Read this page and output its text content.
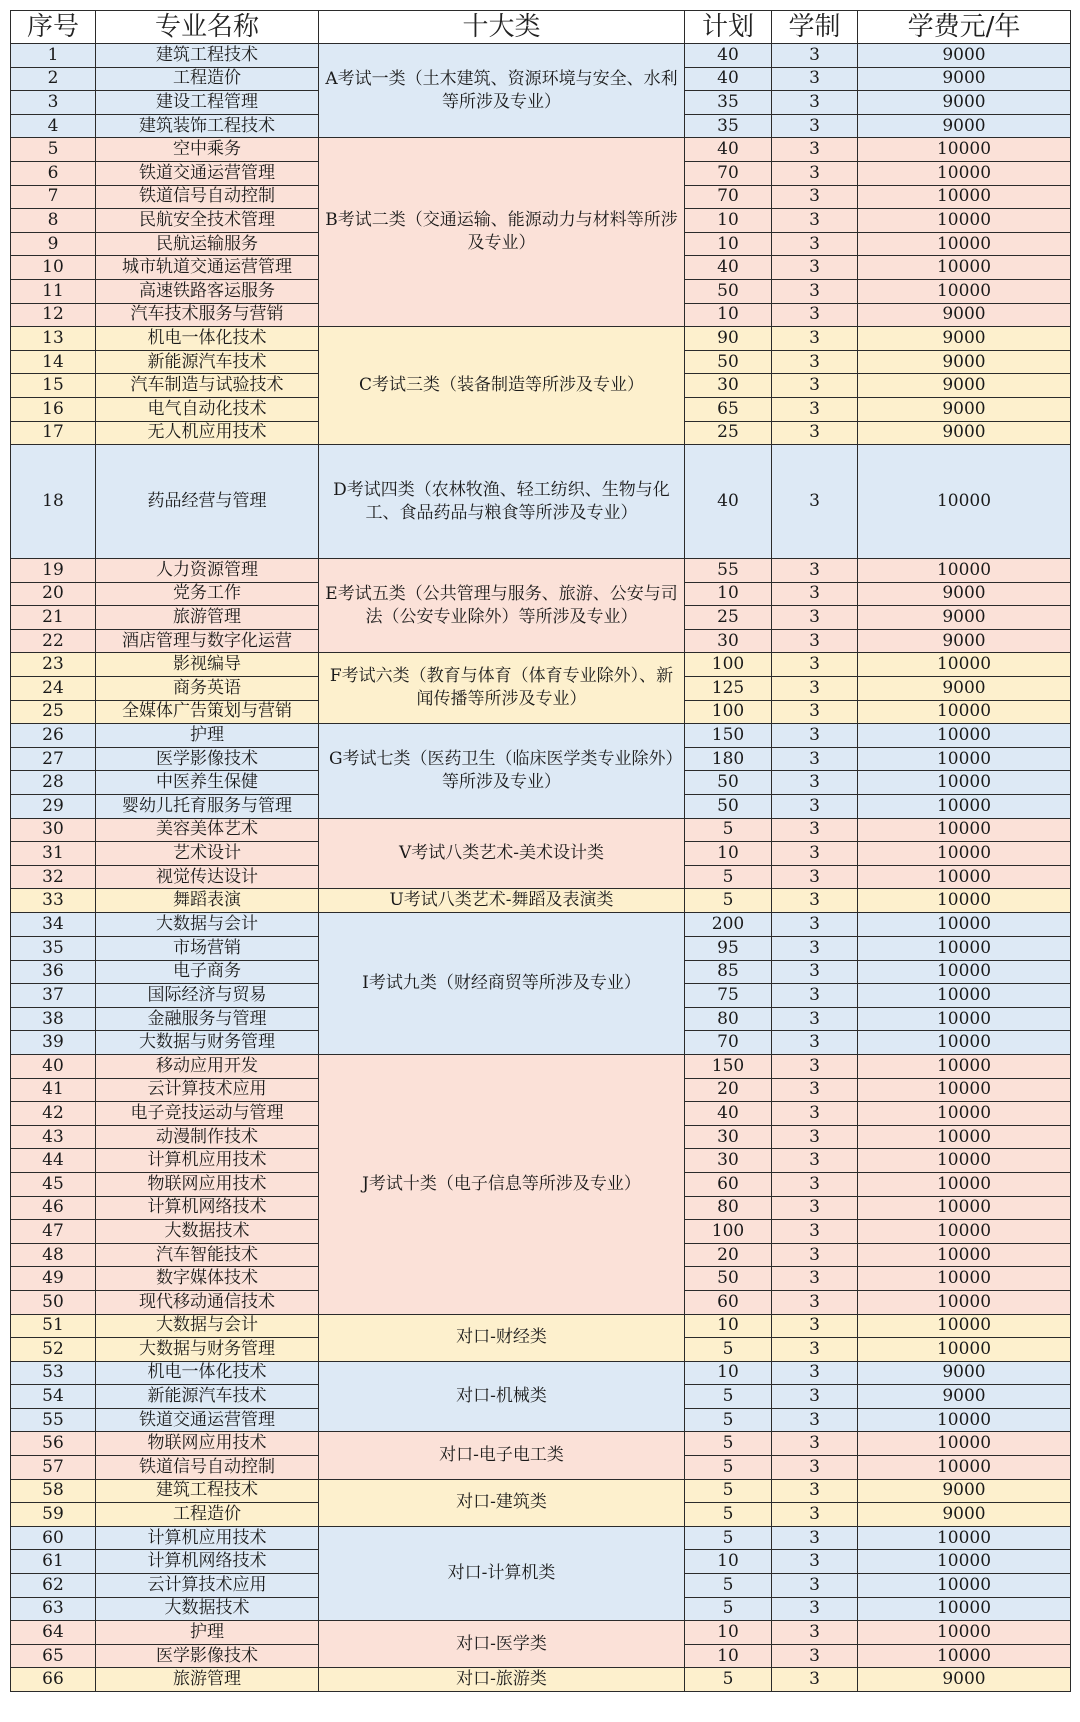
序号	专业名称	十大类	计划	学制	学费元/年
1	建筑工程技术	A考试一类（土木建筑、资源环境与安全、水利等所涉及专业）	40	3	9000
2	工程造价		40	3	9000
3	建设工程管理		35	3	9000
4	建筑装饰工程技术		35	3	9000
5	空中乘务	B考试二类（交通运输、能源动力与材料等所涉及专业）	40	3	10000
6	铁道交通运营管理		70	3	10000
7	铁道信号自动控制		70	3	10000
8	民航安全技术管理		10	3	10000
9	民航运输服务		10	3	10000
10	城市轨道交通运营管理		40	3	10000
11	高速铁路客运服务		50	3	10000
12	汽车技术服务与营销		10	3	9000
13	机电一体化技术	C考试三类（装备制造等所涉及专业）	90	3	9000
14	新能源汽车技术		50	3	9000
15	汽车制造与试验技术		30	3	9000
16	电气自动化技术		65	3	9000
17	无人机应用技术		25	3	9000
18	药品经营与管理	D考试四类（农林牧渔、轻工纺织、生物与化工、食品药品与粮食等所涉及专业）	40	3	10000
19	人力资源管理	E考试五类（公共管理与服务、旅游、公安与司法（公安专业除外）等所涉及专业）	55	3	10000
20	党务工作		10	3	9000
21	旅游管理		25	3	9000
22	酒店管理与数字化运营		30	3	9000
23	影视编导	F考试六类（教育与体育（体育专业除外）、新闻传播等所涉及专业）	100	3	10000
24	商务英语		125	3	9000
25	全媒体广告策划与营销		100	3	10000
26	护理	G考试七类（医药卫生（临床医学类专业除外）等所涉及专业）	150	3	10000
27	医学影像技术		180	3	10000
28	中医养生保健		50	3	10000
29	婴幼儿托育服务与管理		50	3	10000
30	美容美体艺术	V考试八类艺术-美术设计类	5	3	10000
31	艺术设计		10	3	10000
32	视觉传达设计		5	3	10000
33	舞蹈表演	U考试八类艺术-舞蹈及表演类	5	3	10000
34	大数据与会计	I考试九类（财经商贸等所涉及专业）	200	3	10000
35	市场营销		95	3	10000
36	电子商务		85	3	10000
37	国际经济与贸易		75	3	10000
38	金融服务与管理		80	3	10000
39	大数据与财务管理		70	3	10000
40	移动应用开发	J考试十类（电子信息等所涉及专业）	150	3	10000
41	云计算技术应用		20	3	10000
42	电子竞技运动与管理		40	3	10000
43	动漫制作技术		30	3	10000
44	计算机应用技术		30	3	10000
45	物联网应用技术		60	3	10000
46	计算机网络技术		80	3	10000
47	大数据技术		100	3	10000
48	汽车智能技术		20	3	10000
49	数字媒体技术		50	3	10000
50	现代移动通信技术		60	3	10000
51	大数据与会计	对口-财经类	10	3	10000
52	大数据与财务管理		5	3	10000
53	机电一体化技术	对口-机械类	10	3	9000
54	新能源汽车技术		5	3	9000
55	铁道交通运营管理		5	3	10000
56	物联网应用技术	对口-电子电工类	5	3	10000
57	铁道信号自动控制		5	3	10000
58	建筑工程技术	对口-建筑类	5	3	9000
59	工程造价		5	3	9000
60	计算机应用技术	对口-计算机类	5	3	10000
61	计算机网络技术		10	3	10000
62	云计算技术应用		5	3	10000
63	大数据技术		5	3	10000
64	护理	对口-医学类	10	3	10000
65	医学影像技术		10	3	10000
66	旅游管理	对口-旅游类	5	3	9000
